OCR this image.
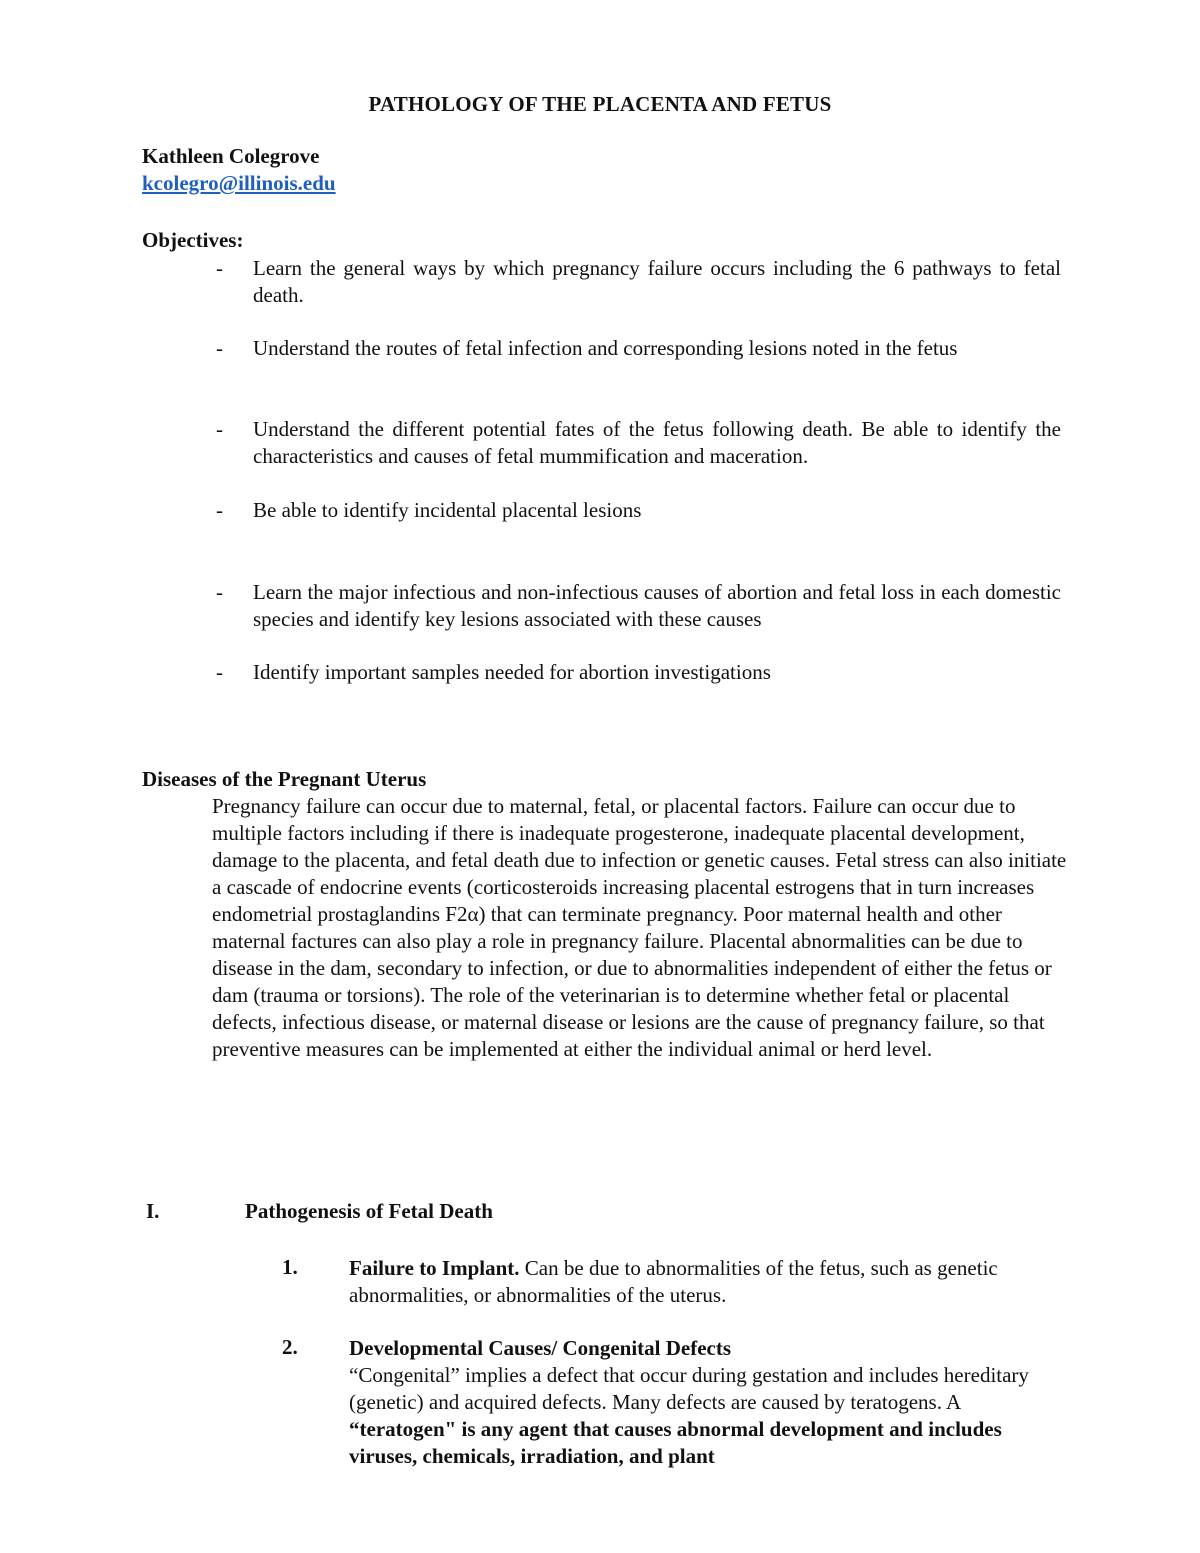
PATHOLOGY OF THE PLACENTA AND FETUS
Kathleen Colegrove
kcolegro@illinois.edu
Objectives:
- Learn the general ways by which pregnancy failure occurs including the 6 pathways to fetal death.
- Understand the routes of fetal infection and corresponding lesions noted in the fetus
- Understand the different potential fates of the fetus following death. Be able to identify the characteristics and causes of fetal mummification and maceration.
- Be able to identify incidental placental lesions
- Learn the major infectious and non-infectious causes of abortion and fetal loss in each domestic species and identify key lesions associated with these causes
- Identify important samples needed for abortion investigations
Diseases of the Pregnant Uterus
Pregnancy failure can occur due to maternal, fetal, or placental factors. Failure can occur due to multiple factors including if there is inadequate progesterone, inadequate placental development, damage to the placenta, and fetal death due to infection or genetic causes. Fetal stress can also initiate a cascade of endocrine events (corticosteroids increasing placental estrogens that in turn increases endometrial prostaglandins F2α) that can terminate pregnancy. Poor maternal health and other maternal factures can also play a role in pregnancy failure. Placental abnormalities can be due to disease in the dam, secondary to infection, or due to abnormalities independent of either the fetus or dam (trauma or torsions). The role of the veterinarian is to determine whether fetal or placental defects, infectious disease, or maternal disease or lesions are the cause of pregnancy failure, so that preventive measures can be implemented at either the individual animal or herd level.
I.	Pathogenesis of Fetal Death
1. Failure to Implant. Can be due to abnormalities of the fetus, such as genetic abnormalities, or abnormalities of the uterus.
2. Developmental Causes/ Congenital Defects
“Congenital” implies a defect that occur during gestation and includes hereditary (genetic) and acquired defects. Many defects are caused by teratogens. A “teratogen" is any agent that causes abnormal development and includes viruses, chemicals, irradiation, and plant
